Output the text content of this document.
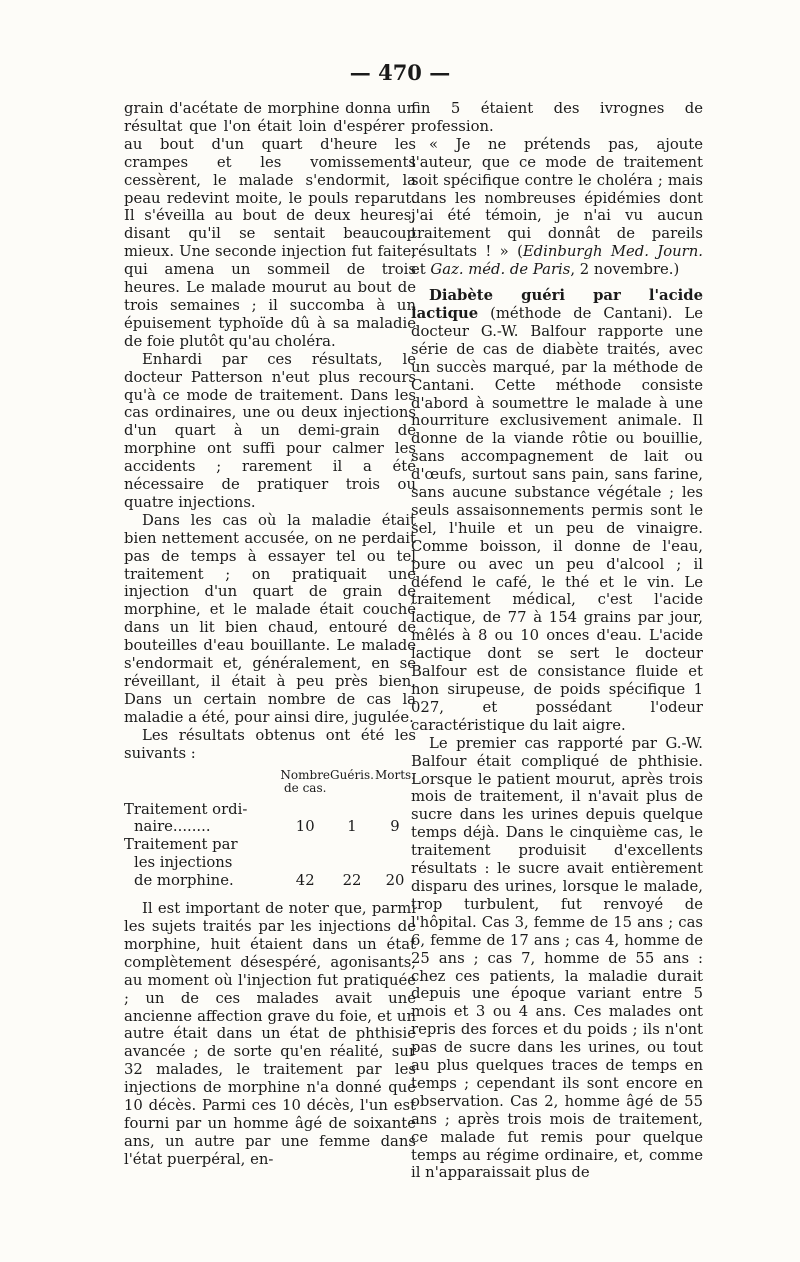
— 470 —

grain d'acétate de morphine donna un résultat que l'on était loin d'espérer : au bout d'un quart d'heure les crampes et les vomissements cessèrent, le malade s'endormit, la peau redevint moite, le pouls reparut. Il s'éveilla au bout de deux heures, disant qu'il se sentait beaucoup mieux. Une seconde injection fut faite, qui amena un sommeil de trois heures. Le malade mourut au bout de trois semaines ; il succomba à un épuisement typhoïde dû à sa maladie de foie plutôt qu'au choléra.

Enhardi par ces résultats, le docteur Patterson n'eut plus recours qu'à ce mode de traitement. Dans les cas ordinaires, une ou deux injections d'un quart à un demi-grain de morphine ont suffi pour calmer les accidents ; rarement il a été nécessaire de pratiquer trois ou quatre injections.

Dans les cas où la maladie était bien nettement accusée, on ne perdait pas de temps à essayer tel ou tel traitement ; on pratiquait une injection d'un quart de grain de morphine, et le malade était couché dans un lit bien chaud, entouré de bouteilles d'eau bouillante. Le malade s'endormait et, généralement, en se réveillant, il était à peu près bien. Dans un certain nombre de cas la maladie a été, pour ainsi dire, jugulée.

Les résultats obtenus ont été les suivants :

	Nombre de cas.	Guéris.	Morts.

Traitement ordi-
naire........	10	1	9

Traitement par
les injections
de morphine.	42	22	20

Il est important de noter que, parmi les sujets traités par les injections de morphine, huit étaient dans un état complètement désespéré, agonisants, au moment où l'injection fut pratiquée ; un de ces malades avait une ancienne affection grave du foie, et un autre était dans un état de phthisie avancée ; de sorte qu'en réalité, sur 32 malades, le traitement par les injections de morphine n'a donné que 10 décès. Parmi ces 10 décès, l'un est fourni par un homme âgé de soixante ans, un autre par une femme dans l'état puerpéral, en-

fin 5 étaient des ivrognes de profession.

« Je ne prétends pas, ajoute l'auteur, que ce mode de traitement soit spécifique contre le choléra ; mais dans les nombreuses épidémies dont j'ai été témoin, je n'ai vu aucun traitement qui donnât de pareils résultats ! » (Edinburgh Med. Journ. et Gaz. méd. de Paris, 2 novembre.)

Diabète guéri par l'acide lactique (méthode de Cantani). Le docteur G.-W. Balfour rapporte une série de cas de diabète traités, avec un succès marqué, par la méthode de Cantani. Cette méthode consiste d'abord à soumettre le malade à une nourriture exclusivement animale. Il donne de la viande rôtie ou bouillie, sans accompagnement de lait ou d'œufs, surtout sans pain, sans farine, sans aucune substance végétale ; les seuls assaisonnements permis sont le sel, l'huile et un peu de vinaigre. Comme boisson, il donne de l'eau, pure ou avec un peu d'alcool ; il défend le café, le thé et le vin. Le traitement médical, c'est l'acide lactique, de 77 à 154 grains par jour, mêlés à 8 ou 10 onces d'eau. L'acide lactique dont se sert le docteur Balfour est de consistance fluide et non sirupeuse, de poids spécifique 1 027, et possédant l'odeur caractéristique du lait aigre.

Le premier cas rapporté par G.-W. Balfour était compliqué de phthisie. Lorsque le patient mourut, après trois mois de traitement, il n'avait plus de sucre dans les urines depuis quelque temps déjà. Dans le cinquième cas, le traitement produisit d'excellents résultats : le sucre avait entièrement disparu des urines, lorsque le malade, trop turbulent, fut renvoyé de l'hôpital. Cas 3, femme de 15 ans ; cas 6, femme de 17 ans ; cas 4, homme de 25 ans ; cas 7, homme de 55 ans : chez ces patients, la maladie durait depuis une époque variant entre 5 mois et 3 ou 4 ans. Ces malades ont repris des forces et du poids ; ils n'ont pas de sucre dans les urines, ou tout au plus quelques traces de temps en temps ; cependant ils sont encore en observation. Cas 2, homme âgé de 55 ans ; après trois mois de traitement, ce malade fut remis pour quelque temps au régime ordinaire, et, comme il n'apparaissait plus de
